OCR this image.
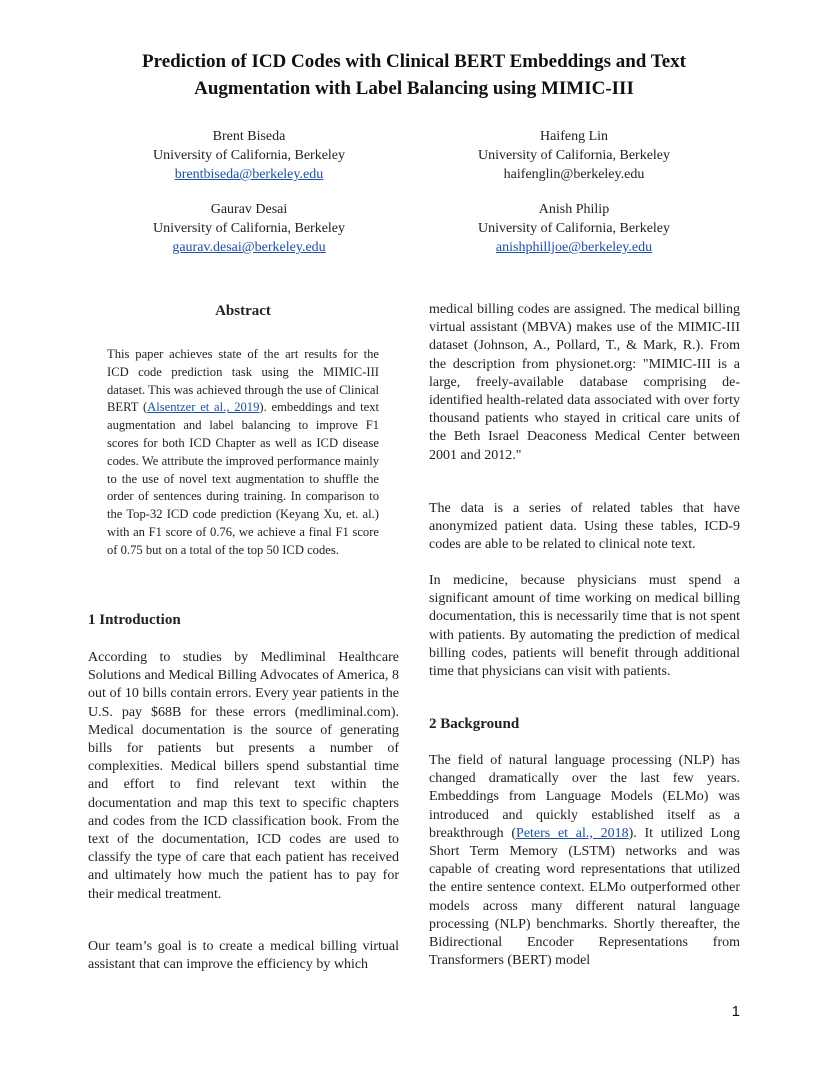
Prediction of ICD Codes with Clinical BERT Embeddings and Text
Augmentation with Label Balancing using MIMIC-III
Brent Biseda
University of California, Berkeley
brentbiseda@berkeley.edu
Haifeng Lin
University of California, Berkeley
haifenglin@berkeley.edu
Gaurav Desai
University of California, Berkeley
gaurav.desai@berkeley.edu
Anish Philip
University of California, Berkeley
anishphilljoe@berkeley.edu
Abstract
This paper achieves state of the art results for the ICD code prediction task using the MIMIC-III dataset. This was achieved through the use of Clinical BERT (Alsentzer et al., 2019). embeddings and text augmentation and label balancing to improve F1 scores for both ICD Chapter as well as ICD disease codes. We attribute the improved performance mainly to the use of novel text augmentation to shuffle the order of sentences during training. In comparison to the Top-32 ICD code prediction (Keyang Xu, et. al.) with an F1 score of 0.76, we achieve a final F1 score of 0.75 but on a total of the top 50 ICD codes.
1 Introduction
According to studies by Medliminal Healthcare Solutions and Medical Billing Advocates of America, 8 out of 10 bills contain errors. Every year patients in the U.S. pay $68B for these errors (medliminal.com). Medical documentation is the source of generating bills for patients but presents a number of complexities. Medical billers spend substantial time and effort to find relevant text within the documentation and map this text to specific chapters and codes from the ICD classification book. From the text of the documentation, ICD codes are used to classify the type of care that each patient has received and ultimately how much the patient has to pay for their medical treatment.
Our team’s goal is to create a medical billing virtual assistant that can improve the efficiency by which
medical billing codes are assigned. The medical billing virtual assistant (MBVA) makes use of the MIMIC-III dataset (Johnson, A., Pollard, T., & Mark, R.). From the description from physionet.org: "MIMIC-III is a large, freely-available database comprising de-identified health-related data associated with over forty thousand patients who stayed in critical care units of the Beth Israel Deaconess Medical Center between 2001 and 2012."
The data is a series of related tables that have anonymized patient data. Using these tables, ICD-9 codes are able to be related to clinical note text.
In medicine, because physicians must spend a significant amount of time working on medical billing documentation, this is necessarily time that is not spent with patients. By automating the prediction of medical billing codes, patients will benefit through additional time that physicians can visit with patients.
2 Background
The field of natural language processing (NLP) has changed dramatically over the last few years. Embeddings from Language Models (ELMo) was introduced and quickly established itself as a breakthrough (Peters et al., 2018). It utilized Long Short Term Memory (LSTM) networks and was capable of creating word representations that utilized the entire sentence context. ELMo outperformed other models across many different natural language processing (NLP) benchmarks. Shortly thereafter, the Bidirectional Encoder Representations from Transformers (BERT) model
1
